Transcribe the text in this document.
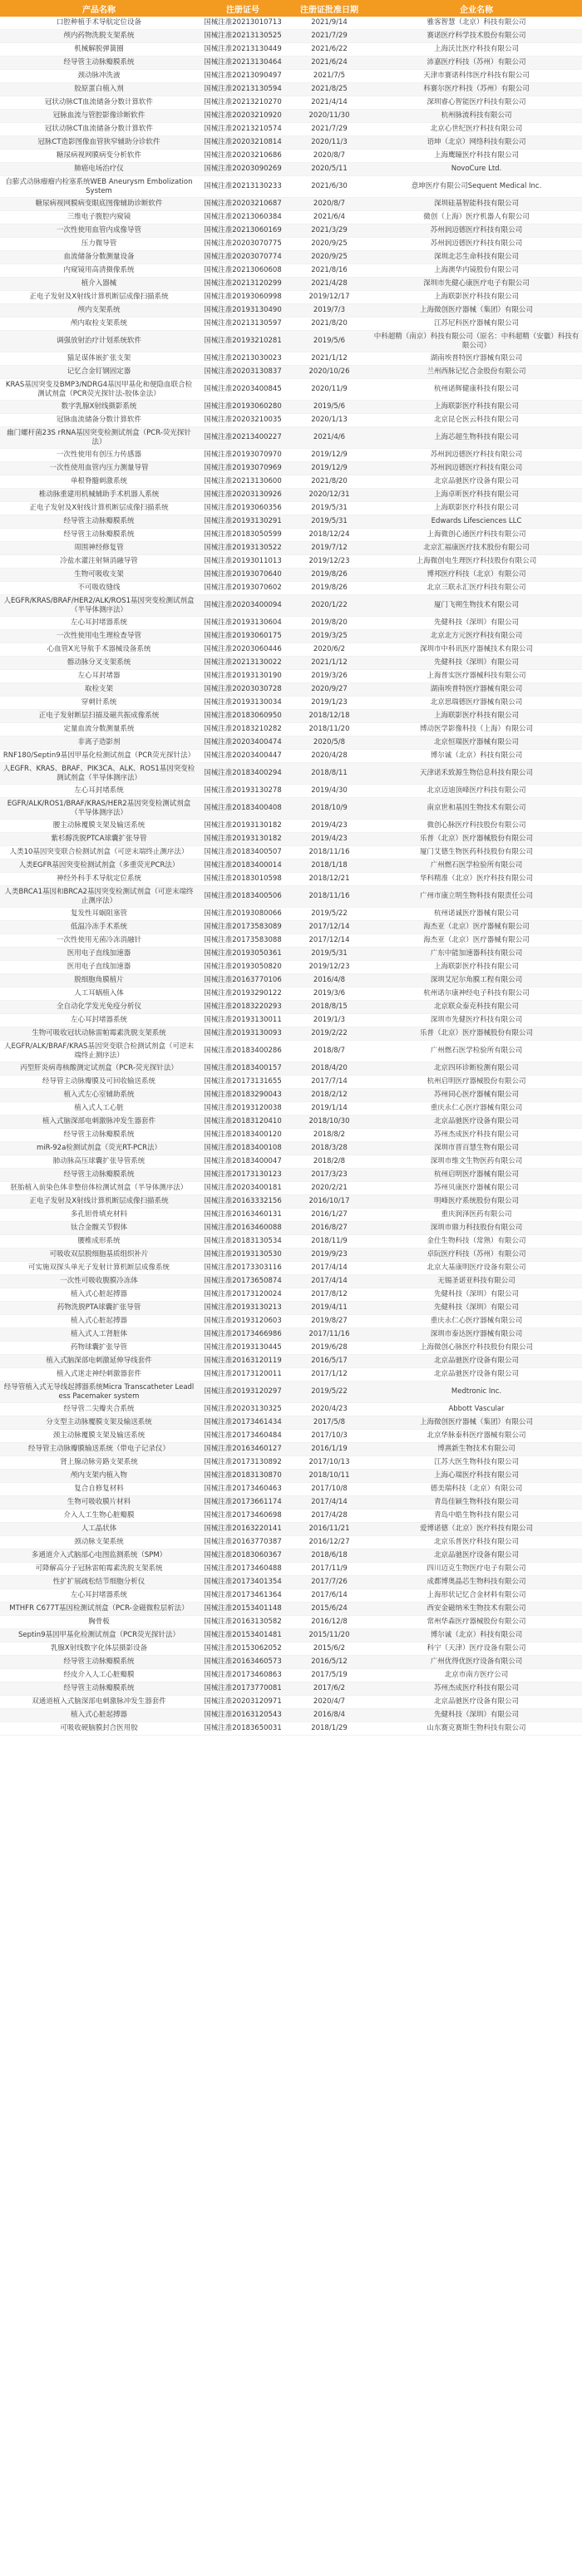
产品名称	注册证号	注册证批准日期	企业名称
口腔种植手术导航定位设备	国械注准20213010713	2021/9/14	雅客智慧（北京）科技有限公司
颅内药物洗脱支架系统	国械注准20213130525	2021/7/29	赛诺医疗科学技术股份有限公司
机械解脱弹簧圈	国械注准20213130449	2021/6/22	上海沃比医疗科技有限公司
经导管主动脉瓣膜系统	国械注准20213130464	2021/6/24	沛嘉医疗科技（苏州）有限公司
颈动脉冲洗液	国械注准20213090497	2021/7/5	天津市赛诺科伟医疗科技有限公司
胶原蛋白植入剂	国械注准20213130594	2021/8/25	科赛尔医疗科技（苏州）有限公司
冠状动脉CT血流储备分数计算软件	国械注准20213210270	2021/4/14	深圳睿心智能医疗科技有限公司
冠脉血流与管腔影像诊断软件	国械注准20203210920	2020/11/30	杭州脉流科技有限公司
冠状动脉CT血流储备分数计算软件	国械注准20213210574	2021/7/29	北京心世纪医疗科技有限公司
冠脉CT造影图像血管狭窄辅助分诊软件	国械注准20203210814	2020/11/3	语坤（北京）网络科技有限公司
糖尿病视网膜病变分析软件	国械注准20203210686	2020/8/7	上海鹰瞳医疗科技有限公司
肺癌电场治疗仪	国械注准20203090269	2020/5/11	NovoCure Ltd.
自膨式动脉瘤瘤内栓塞系统WEB Aneurysm Embolization System	国械注准20213130233	2021/6/30	意坤医疗有限公司Sequent Medical Inc.
糖尿病视网膜病变眼底图像辅助诊断软件	国械注准20203210687	2020/8/7	深圳硅基智能科技有限公司
三维电子腹腔内窥镜	国械注准20213060384	2021/6/4	微创（上海）医疗机器人有限公司
一次性使用血管内成像导管	国械注准20213060169	2021/3/29	苏州润迈德医疗科技有限公司
压力微导管	国械注准20203070775	2020/9/25	苏州润迈德医疗科技有限公司
血流储备分数测量设备	国械注准20203070774	2020/9/25	深圳北芯生命科技有限公司
内窥镜用高清摄像系统	国械注准20213060608	2021/8/16	上海澳华内镜股份有限公司
植介入器械	国械注准20213120299	2021/4/28	深圳市先健心康医疗电子有限公司
正电子发射及X射线计算机断层成像扫描系统	国械注准20193060998	2019/12/17	上海联影医疗科技有限公司
颅内支架系统	国械注准20193130490	2019/7/3	上海微创医疗器械（集团）有限公司
颅内取栓支架系统	国械注准20213130597	2021/8/20	江苏尼科医疗器械有限公司
调强放射治疗计划系统软件	国械注准20193210281	2019/5/6	中科超精（南京）科技有限公司（原名：中科超精（安徽）科技有限公司）
猫足谋体嵌扩张支架	国械注准20213030023	2021/1/12	湖南埃普特医疗器械有限公司
记忆合金钉钢固定器	国械注准20203130837	2020/10/26	兰州西脉记忆合金股份有限公司
KRAS基因突变及BMP3/NDRG4基因甲基化和便隐血联合检测试剂盒（PCR荧光探针法-胶体金法）	国械注准20203400845	2020/11/9	杭州诺辉健康科技有限公司
数字乳腺X射线摄影系统	国械注准20193060280	2019/5/6	上海联影医疗科技有限公司
冠脉血流储备分数计算软件	国械注准20203210035	2020/1/13	北京昆仑医云科技有限公司
幽门螺杆菌23S rRNA基因突变检测试剂盒（PCR-荧光探针法）	国械注准20213400227	2021/4/6	上海芯超生物科技有限公司
一次性使用有创压力传感器	国械注准20193070970	2019/12/9	苏州润迈德医疗科技有限公司
一次性使用血管内压力测量导管	国械注准20193070969	2019/12/9	苏州润迈德医疗科技有限公司
单根脊髓刺激系统	国械注准20213130600	2021/8/20	北京品驰医疗设备有限公司
椎动脉重建用机械辅助手术机器人系统	国械注准20203130926	2020/12/31	上海卓昕医疗科技有限公司
正电子发射及X射线计算机断层成像扫描系统	国械注准20193060356	2019/5/31	上海联影医疗科技有限公司
经导管主动脉瓣膜系统	国械注准20193130291	2019/5/31	Edwards Lifesciences LLC
经导管主动脉瓣膜系统	国械注准20183050599	2018/12/24	上海微创心通医疗科技有限公司
周围神经修复管	国械注准20193130522	2019/7/12	北京汇福康医疗技术股份有限公司
冷盐水灌注射频消融导管	国械注准20193011013	2019/12/23	上海微创电生理医疗科技股份有限公司
生物可吸收支架	国械注准20193070640	2019/8/26	博邦医疗科技（北京）有限公司
不可吸收缝线	国械注准20193070602	2019/8/26	北京三联永汇医疗科技有限公司
人EGFR/KRAS/BRAF/HER2/ALK/ROS1基因突变检测试剂盒（半导体测序法）	国械注准20203400094	2020/1/22	厦门飞朔生物技术有限公司
左心耳封堵器系统	国械注准20193130604	2019/8/20	先健科技（深圳）有限公司
一次性使用电生理检查导管	国械注准20193060175	2019/3/25	北京北方元医疗科技有限公司
心血管X光导航手术器械设备系统	国械注准20203060446	2020/6/2	深圳市中科讯医疗器械技术有限公司
髂动脉分叉支架系统	国械注准20213130022	2021/1/12	先健科技（深圳）有限公司
左心耳封堵器	国械注准20193130190	2019/3/26	上海普实医疗器械科技有限公司
取栓支架	国械注准20203030728	2020/9/27	湖南埃普特医疗器械有限公司
穿刺针系统	国械注准20193130034	2019/1/23	北京思瑞德医疗器械有限公司
正电子发射断层扫描及磁共振成像系统	国械注准20183060950	2018/12/18	上海联影医疗科技有限公司
定量血流分数测量系统	国械注准20183210282	2018/11/20	博动医学影像科技（上海）有限公司
非离子造影剂	国械注准20203400474	2020/5/8	北京恒瑞医疗器械有限公司
RNF180/Septin9基因甲基化检测试剂盒（PCR荧光探针法）	国械注准20203400447	2020/4/28	博尔诚（北京）科技有限公司
人EGFR、KRAS、BRAF、PIK3CA、ALK、ROS1基因突变检测试剂盒（半导体测序法）	国械注准20183400294	2018/8/11	天津诺禾致源生物信息科技有限公司
左心耳封堵系统	国械注准20193130278	2019/4/30	北京迈迪顶峰医疗科技有限公司
EGFR/ALK/ROS1/BRAF/KRAS/HER2基因突变检测试剂盒（半导体测序法）	国械注准20183400408	2018/10/9	南京世和基因生物技术有限公司
腰主动脉覆膜支架及输送系统	国械注准20193130182	2019/4/23	微创心脉医疗科技股份有限公司
紫杉醇洗脱PTCA球囊扩张导管	国械注准20193130182	2019/4/23	乐普（北京）医疗器械股份有限公司
人类10基因突变联合检测试剂盒（可逆末端终止测序法）	国械注准20183400507	2018/11/16	厦门艾德生物医药科技股份有限公司
人类EGFR基因突变检测试剂盒（多重荧光PCR法）	国械注准20183400014	2018/1/18	广州燃石医学检验所有限公司
神经外科手术导航定位系统	国械注准20183010598	2018/12/21	华科精准（北京）医疗科技有限公司
人类BRCA1基因和BRCA2基因突变检测试剂盒（可逆末端终止测序法）	国械注准20183400506	2018/11/16	广州市康立明生物科技有限责任公司
复发性耳蜗阻塞管	国械注准20193080066	2019/5/22	杭州诺诚医疗器械有限公司
低温冷冻手术系统	国械注准20173583089	2017/12/14	海杰亚（北京）医疗器械有限公司
一次性使用无菌冷冻消融针	国械注准20173583088	2017/12/14	海杰亚（北京）医疗器械有限公司
医用电子直线加速器	国械注准20193050361	2019/5/31	广东中能加速器科技有限公司
医用电子直线加速器	国械注准20193050820	2019/12/23	上海联影医疗科技有限公司
脱细胞角膜植片	国械注准20163770106	2016/4/8	深圳艾尼尔角膜工程有限公司
人工耳蜗植入体	国械注准20193290122	2019/3/6	杭州诺尔康神经电子科技有限公司
全自动化学发光免疫分析仪	国械注准20183220293	2018/8/15	北京联众泰克科技有限公司
左心耳封堵器系统	国械注准20193130011	2019/1/3	深圳市先健医疗科技有限公司
生物可吸收冠状动脉雷帕霉素洗脱支架系统	国械注准20193130093	2019/2/22	乐普（北京）医疗器械股份有限公司
人EGFR/ALK/BRAF/KRAS基因突变联合检测试剂盒（可逆末端终止测序法）	国械注准20183400286	2018/8/7	广州燃石医学检验所有限公司
丙型肝炎病毒核酸测定试剂盒（PCR-荧光探针法）	国械注准20183400157	2018/4/20	北京四环诊断检测有限公司
经导管主动脉瓣膜及可回收输送系统	国械注准20173131655	2017/7/14	杭州启明医疗器械股份有限公司
植入式左心室辅助系统	国械注准20183290043	2018/2/12	苏州同心医疗器械有限公司
植入式人工心脏	国械注准20193120038	2019/1/14	重庆永仁心医疗器械有限公司
植入式脑深部电刺激脉冲发生器套件	国械注准20183120410	2018/10/30	北京品驰医疗设备有限公司
经导管主动脉瓣膜系统	国械注准20183400120	2018/8/2	苏州杰成医疗科技有限公司
miR-92a检测试剂盒（荧光RT-PCR法）	国械注准20183400108	2018/3/28	深圳市晋百慧生物有限公司
肺动脉高压球囊扩张导管系统	国械注准20183400047	2018/2/8	深圳市维文生物医药有限公司
经导管主动脉瓣膜系统	国械注准20173130123	2017/3/23	杭州启明医疗器械有限公司
胚胎植入前染色体非整倍体检测试剂盒（半导体测序法）	国械注准20203400181	2020/2/21	苏州贝康医疗器械有限公司
正电子发射及X射线计算机断层成像扫描系统	国械注准20163332156	2016/10/17	明峰医疗系统股份有限公司
多孔钽骨填充材料	国械注准20163460131	2016/1/27	重庆润泽医药有限公司
钛合金髋关节假体	国械注准20163460088	2016/8/27	深圳市鼎力科技股份有限公司
腰椎成形系统	国械注准20183130534	2018/11/9	金仕生物科技（常熟）有限公司
可吸收双层脱细胞基质组织补片	国械注准20193130530	2019/9/23	卓阮医疗科技（苏州）有限公司
可实施双探头单光子发射计算机断层成像系统	国械注准20173303116	2017/4/14	北京大基康明医疗设备有限公司
一次性可吸收腹膜冷冻体	国械注准20173650874	2017/4/14	无锡圣诺亚科技有限公司
植入式心脏起搏器	国械注准20173120024	2017/8/12	先健科技（深圳）有限公司
药物洗脱PTA球囊扩张导管	国械注准20193130213	2019/4/11	先健科技（深圳）有限公司
植入式心脏起搏器	国械注准20193120603	2019/8/27	重庆永仁心医疗器械有限公司
植入式人工肾脏体	国械注准20173466986	2017/11/16	深圳市泰达医疗器械有限公司
药物球囊扩张导管	国械注准20193130445	2019/6/28	上海微创心脉医疗科技股份有限公司
植入式脑深部电刺激延伸导线套件	国械注准20163120119	2016/5/17	北京品驰医疗设备有限公司
植入式迷走神经刺激器套件	国械注准20173120011	2017/1/12	北京品驰医疗设备有限公司
经导管植入式无导线起搏器系统Micra Transcatheter Leadless Pacemaker system	国械注准20193120297	2019/5/22	Medtronic Inc.
经导管二尖瓣夹合系统	国械注准20203130325	2020/4/23	Abbott Vascular
分支型主动脉覆膜支架及输送系统	国械注准20173461434	2017/5/8	上海微创医疗器械（集团）有限公司
颈主动脉覆膜支架及输送系统	国械注准20173460484	2017/10/3	北京华脉泰科医疗器械有限公司
经导管主动脉瓣膜输送系统（带电子记录仪）	国械注准20163460127	2016/1/19	博熹新生物技术有限公司
肾上腺动脉旁路支架系统	国械注准20173130892	2017/10/13	江苏大医生物科技有限公司
颅内支架内植入物	国械注准20183130870	2018/10/11	上海心瑞医疗科技有限公司
复合自修复材料	国械注准20173460463	2017/10/8	德美瑞科技（北京）有限公司
生物可吸收膜片材料	国械注准20173661174	2017/4/14	青岛佳颖生物科技有限公司
介入人工生物心脏瓣膜	国械注准20173460698	2017/4/28	青岛中皓生物科技有限公司
人工晶状体	国械注准20163220141	2016/11/21	爱博诺德（北京）医疗科技有限公司
颈动脉支架系统	国械注准20163770387	2016/12/27	北京乐普医疗科技有限公司
多通道介入式脑部心电图监测系统（SPM）	国械注准20183060367	2018/6/18	北京品驰医疗设备有限公司
可降解高分子冠脉雷帕霉素洗脱支架系统	国械注准20173460488	2017/11/9	四川迈克生物医疗电子有限公司
性扩扩展疏松结节细胞分析仪	国械注准20173401354	2017/7/26	成都博奥晶芯生物科技有限公司
左心耳封堵器系统	国械注准20173461364	2017/6/14	上海形状记忆合金材料有限公司
MTHFR C677T基因检测试剂盒（PCR-金磁微粒层析法）	国械注准20153401148	2015/6/24	西安金磁纳米生物技术有限公司
胸骨板	国械注准20163130582	2016/12/8	常州华森医疗器械股份有限公司
Septin9基因甲基化检测试剂盒（PCR荧光探针法）	国械注准20153401481	2015/11/20	博尔诚（北京）科技有限公司
乳腺X射线数字化体层摄影设备	国械注准20153062052	2015/6/2	科宁（天津）医疗设备有限公司
经导管主动脉瓣膜系统	国械注准20163460573	2016/5/12	广州优得优医疗设备有限公司
经皮介入人工心脏瓣膜	国械注准20173460863	2017/5/19	北京市南方医疗公司
经导管主动脉瓣膜系统	国械注准20173770081	2017/6/2	苏州杰成医疗科技有限公司
双通道植入式脑深部电刺激脉冲发生器套件	国械注准20203120971	2020/4/7	北京品驰医疗设备有限公司
植入式心脏起搏器	国械注准20163120543	2016/8/4	先健科技（深圳）有限公司
可吸收硬脑膜封合医用胶	国械注准20183650031	2018/1/29	山东赛克赛斯生物科技有限公司
